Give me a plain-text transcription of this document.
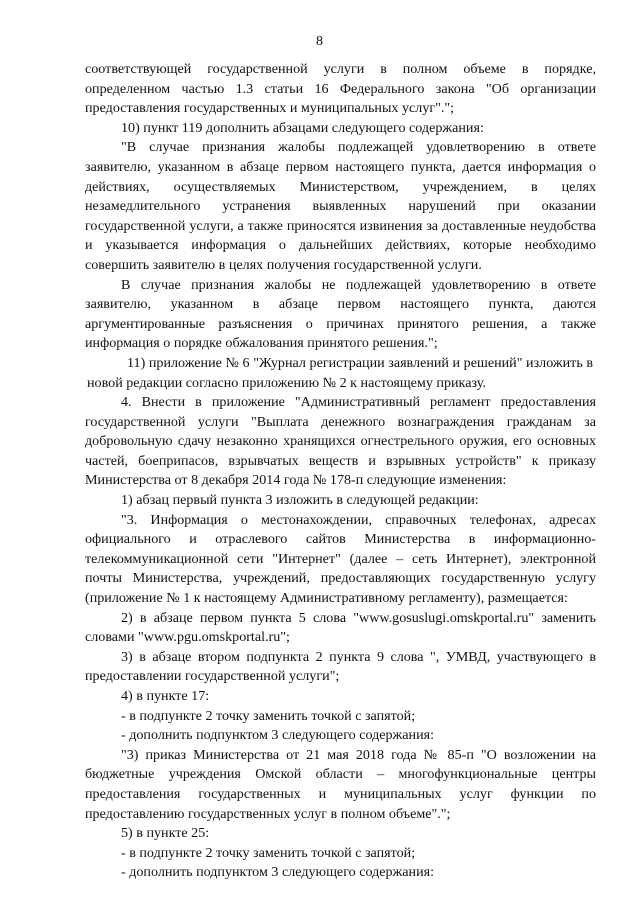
8

соответствующей государственной услуги в полном объеме в порядке, определенном частью 1.3 статьи 16 Федерального закона "Об организации предоставления государственных и муниципальных услуг".";

10) пункт 119 дополнить абзацами следующего содержания:

"В случае признания жалобы подлежащей удовлетворению в ответе заявителю, указанном в абзаце первом настоящего пункта, дается информация о действиях, осуществляемых Министерством, учреждением, в целях незамедлительного устранения выявленных нарушений при оказании государственной услуги, а также приносятся извинения за доставленные неудобства и указывается информация о дальнейших действиях, которые необходимо совершить заявителю в целях получения государственной услуги.

В случае признания жалобы не подлежащей удовлетворению в ответе заявителю, указанном в абзаце первом настоящего пункта, даются аргументированные разъяснения о причинах принятого решения, а также информация о порядке обжалования принятого решения.";

11) приложение № 6 "Журнал регистрации заявлений и решений" изложить в новой редакции согласно приложению № 2 к настоящему приказу.

4. Внести в приложение "Административный регламент предоставления государственной услуги "Выплата денежного вознаграждения гражданам за добровольную сдачу незаконно хранящихся огнестрельного оружия, его основных частей, боеприпасов, взрывчатых веществ и взрывных устройств" к приказу Министерства от 8 декабря 2014 года № 178-п следующие изменения:

1) абзац первый пункта 3 изложить в следующей редакции:

"3. Информация о местонахождении, справочных телефонах, адресах официального и отраслевого сайтов Министерства в информационно-телекоммуникационной сети "Интернет" (далее – сеть Интернет), электронной почты Министерства, учреждений, предоставляющих государственную услугу (приложение № 1 к настоящему Административному регламенту), размещается:

2) в абзаце первом пункта 5 слова "www.gosuslugi.omskportal.ru" заменить словами "www.pgu.omskportal.ru";

3) в абзаце втором подпункта 2 пункта 9 слова ", УМВД, участвующего в предоставлении государственной услуги";

4) в пункте 17:

- в подпункте 2 точку заменить точкой с запятой;

- дополнить подпунктом 3 следующего содержания:

"3) приказ Министерства от 21 мая 2018 года № 85-п "О возложении на бюджетные учреждения Омской области – многофункциональные центры предоставления государственных и муниципальных услуг функции по предоставлению государственных услуг в полном объеме".";

5) в пункте 25:

- в подпункте 2 точку заменить точкой с запятой;

- дополнить подпунктом 3 следующего содержания:
